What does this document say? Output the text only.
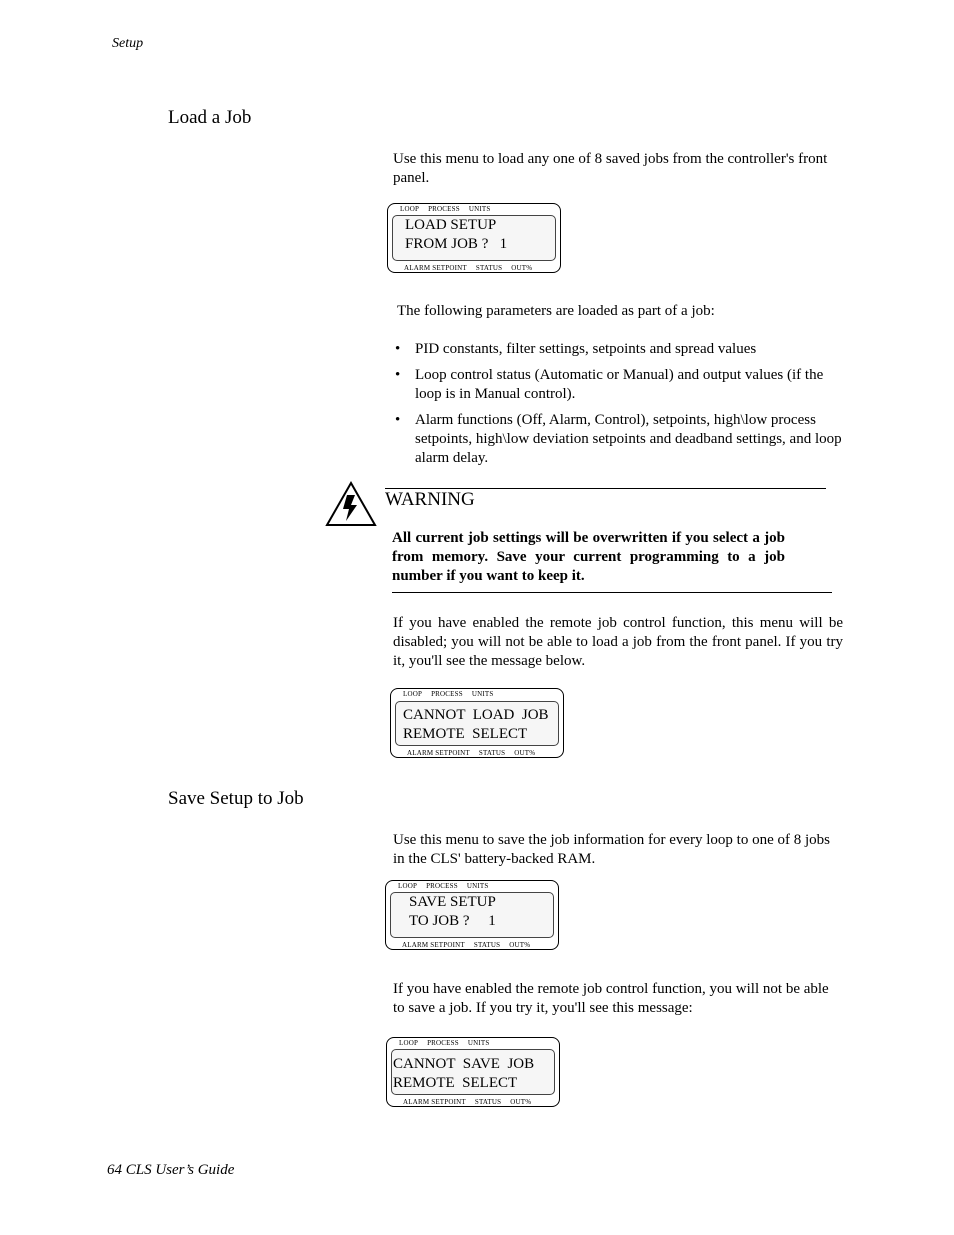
Setup
Load a Job
Use this menu to load any one of 8 saved jobs from the controller's front panel.
LOOP PROCESS UNITS
LOAD SETUP
FROM JOB ?   1
ALARM SETPOINT STATUS OUT%
The following parameters are loaded as part of a job:
• PID constants, filter settings, setpoints and spread values
• Loop control status (Automatic or Manual) and output values (if the loop is in Manual control).
• Alarm functions (Off, Alarm, Control), setpoints, high\low process setpoints, high\low deviation setpoints and deadband settings, and loop alarm delay.
WARNING
All current job settings will be overwritten if you select a job from memory. Save your current programming to a job number if you want to keep it.
If you have enabled the remote job control function, this menu will be disabled; you will not be able to load a job from the front panel. If you try it, you'll see the message below.
LOOP PROCESS UNITS
CANNOT  LOAD  JOB
REMOTE  SELECT
ALARM SETPOINT STATUS OUT%
Save Setup to Job
Use this menu to save the job information for every loop to one of 8 jobs in the CLS' battery-backed RAM.
LOOP PROCESS UNITS
SAVE SETUP
TO JOB ?     1
ALARM SETPOINT STATUS OUT%
If you have enabled the remote job control function, you will not be able to save a job. If you try it, you'll see this message:
LOOP PROCESS UNITS
CANNOT  SAVE  JOB
REMOTE  SELECT
ALARM SETPOINT STATUS OUT%
64 CLS User’s Guide
